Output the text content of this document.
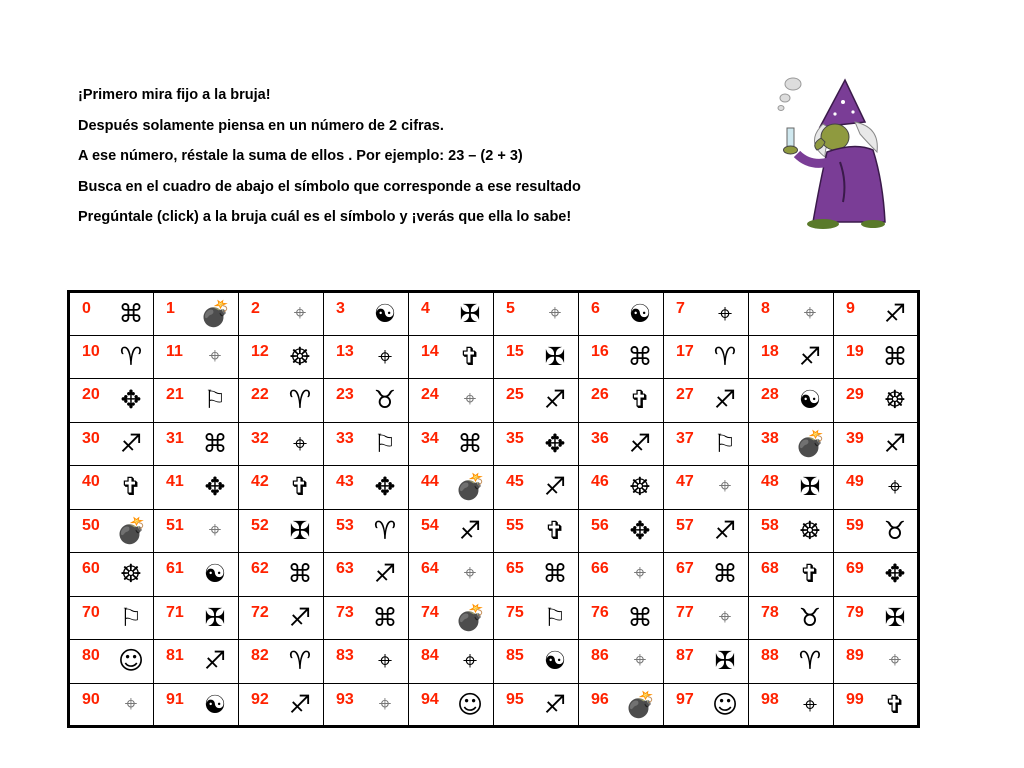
¡Primero mira fijo a la bruja!

Después solamente piensa en un número de 2 cifras.

A ese número, réstale la suma de ellos . Por ejemplo: 23 – (2 + 3)

Busca en el cuadro de abajo el símbolo que corresponde a ese resultado

Pregúntale (click) a la bruja cuál es el símbolo y ¡verás que ella lo sabe!

0 ⌘	1 💣	2 ⌖	3 ☯	4 ✠	5 ⌖	6 ☯	7 ⌖	8 ⌖	9 ♐

10 ♈	11 ⌖	12 ☸	13 ⌖	14 ✞	15 ✠	16 ⌘	17 ♈	18 ♐	19 ⌘

20 ✥	21 ⚐	22 ♈	23 ♉	24 ⌖	25 ♐	26 ✞	27 ♐	28 ☯	29 ☸

30 ♐	31 ⌘	32 ⌖	33 ⚐	34 ⌘	35 ✥	36 ♐	37 ⚐	38 💣	39 ♐

40 ✞	41 ✥	42 ✞	43 ✥	44 💣	45 ♐	46 ☸	47 ⌖	48 ✠	49 ⌖

50 💣	51 ⌖	52 ✠	53 ♈	54 ♐	55 ✞	56 ✥	57 ♐	58 ☸	59 ♉

60 ☸	61 ☯	62 ⌘	63 ♐	64 ⌖	65 ⌘	66 ⌖	67 ⌘	68 ✞	69 ✥

70 ⚐	71 ✠	72 ♐	73 ⌘	74 💣	75 ⚐	76 ⌘	77 ⌖	78 ♉	79 ✠

80 ☺	81 ♐	82 ♈	83 ⌖	84 ⌖	85 ☯	86 ⌖	87 ✠	88 ♈	89 ⌖

90 ⌖	91 ☯	92 ♐	93 ⌖	94 ☺	95 ♐	96 💣	97 ☺	98 ⌖	99 ✞
